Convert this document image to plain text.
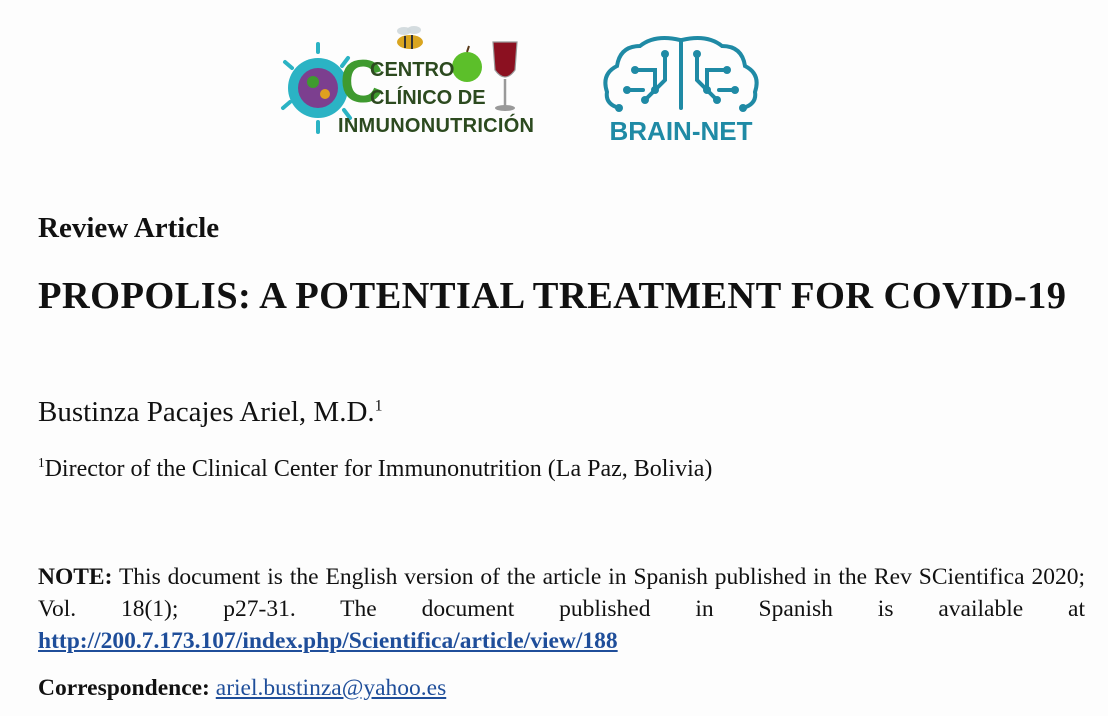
C
CENTRO
CLÍNICO DE
INMUNONUTRICIÓN	BRAIN-NET

Review Article

PROPOLIS: A POTENTIAL TREATMENT FOR COVID-19

Bustinza Pacajes Ariel, M.D.$^1$

$^1$Director of the Clinical Center for Immunonutrition (La Paz, Bolivia)

NOTE: This document is the English version of the article in Spanish published in the Rev SCientifica 2020; Vol. 18(1); p27-31. The document published in Spanish is available at http://200.7.173.107/index.php/Scientifica/article/view/188

Correspondence: ariel.bustinza@yahoo.es
